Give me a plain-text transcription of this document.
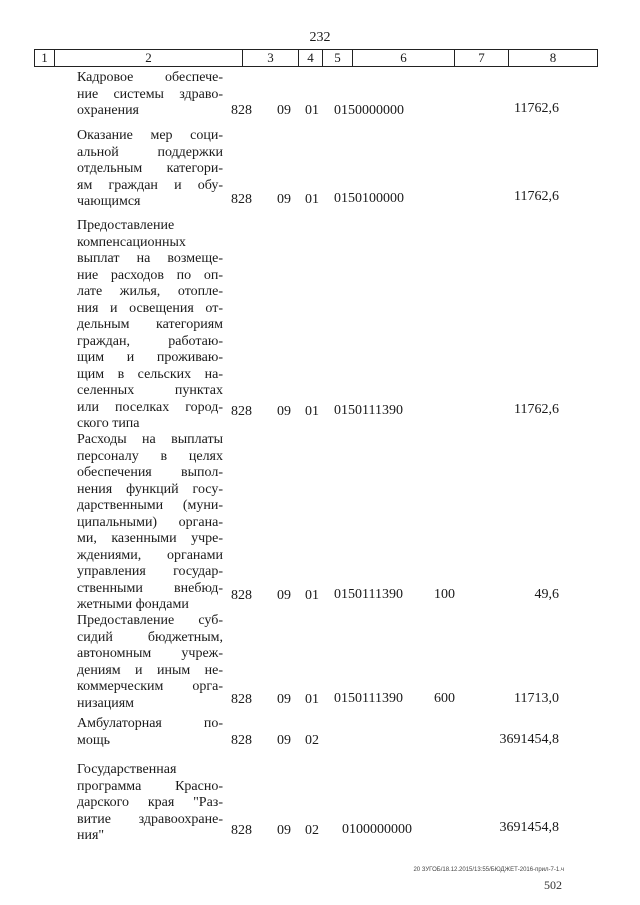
232
1	2	3	4	5	6	7	8
Кадровое обеспече-
ние системы здраво-
охранения	828 09 01 0150000000	11762,6
Оказание мер соци-
альной поддержки
отдельным категори-
ям граждан и обу-
чающимся	828 09 01 0150100000	11762,6
Предоставление
компенсационных
выплат на возмеще-
ние расходов по оп-
лате жилья, отопле-
ния и освещения от-
дельным категориям
граждан, работаю-
щим и проживаю-
щим в сельских на-
селенных пунктах
или поселках город-
ского типа
828 09 01 0150111390	11762,6
Расходы на выплаты
персоналу в целях
обеспечения выпол-
нения функций госу-
дарственными (муни-
ципальными) органа-
ми, казенными учре-
ждениями, органами
управления государ-
ственными внебюд-
жетными фондами
828 09 01 0150111390 100	49,6
Предоставление суб-
сидий бюджетным,
автономным учреж-
дениям и иным не-
коммерческим орга-
низациям	828 09 01 0150111390 600	11713,0
Амбулаторная по-
мощь	828 09 02	3691454,8
Государственная
программа Красно-
дарского края "Раз-
витие здравоохране-
ния"	828 09 02 0100000000	3691454,8
20 ЗУГОБ/18.12.2015/13:55/БЮДЖЕТ-2016-прил-7-1.ч
502
